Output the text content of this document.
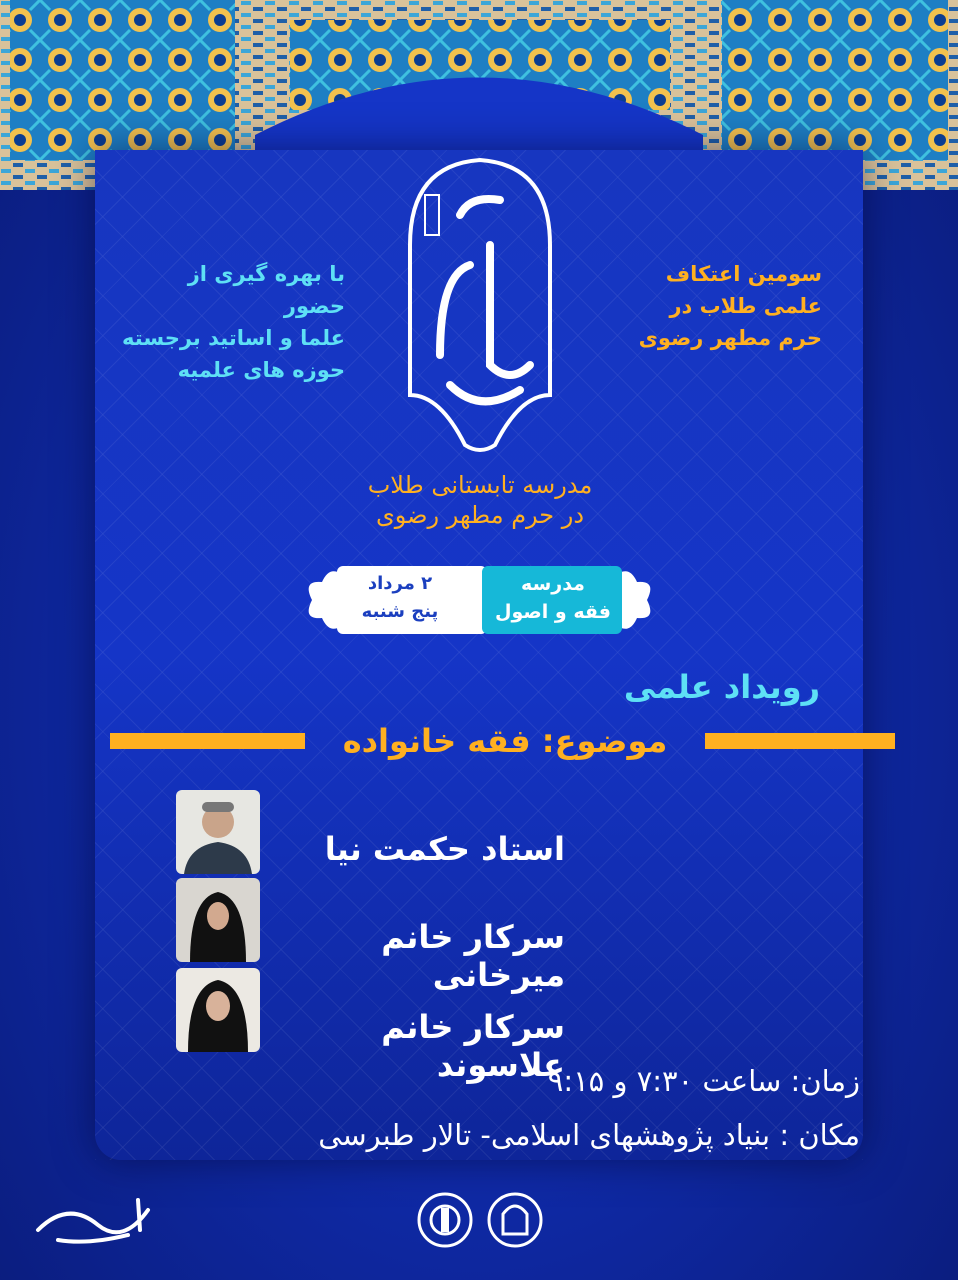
با بهره گیری از حضور
علما و اساتید برجسته
حوزه های علمیه
سومین اعتکاف
علمی طلاب در
حرم مطهر رضوی
مدرسه تابستانی طلاب
در حرم مطهر رضوی
۲ مرداد
پنج شنبه
مدرسه
فقه و اصول
رویداد علمی
موضوع: فقه خانواده
استاد حکمت نیا
سرکار خانم میرخانی
سرکار خانم علاسوند
زمان: ساعت ۷:۳۰ و ۹:۱۵
مکان : بنیاد پژوهشهای اسلامی- تالار طبرسی
